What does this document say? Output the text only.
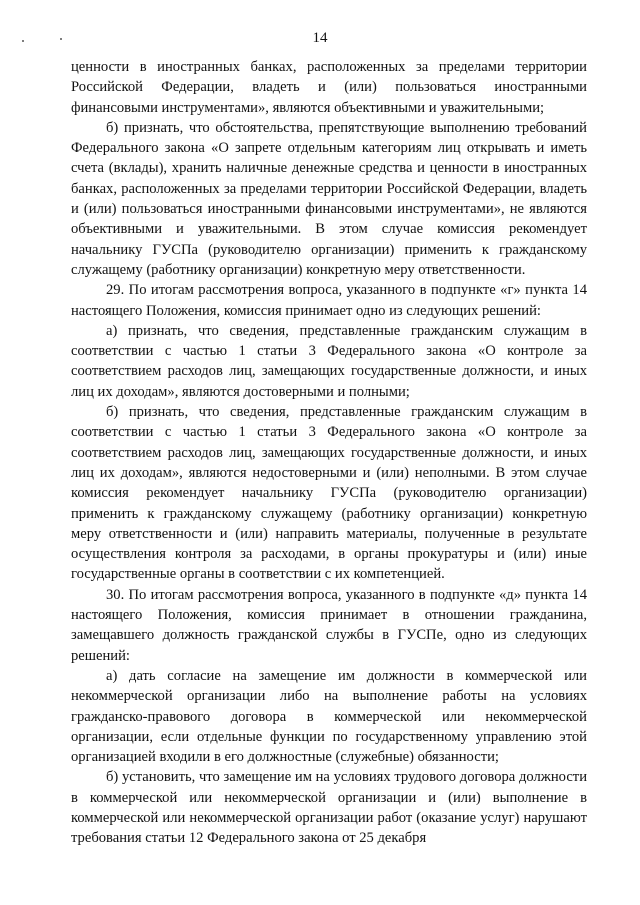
14

ценности в иностранных банках, расположенных за пределами территории Российской Федерации, владеть и (или) пользоваться иностранными финансовыми инструментами», являются объективными и уважительными;

б) признать, что обстоятельства, препятствующие выполнению требований Федерального закона «О запрете отдельным категориям лиц открывать и иметь счета (вклады), хранить наличные денежные средства и ценности в иностранных банках, расположенных за пределами территории Российской Федерации, владеть и (или) пользоваться иностранными финансовыми инструментами», не являются объективными и уважительными. В этом случае комиссия рекомендует начальнику ГУСПа (руководителю организации) применить к гражданскому служащему (работнику организации) конкретную меру ответственности.

29. По итогам рассмотрения вопроса, указанного в подпункте «г» пункта 14 настоящего Положения, комиссия принимает одно из следующих решений:

а) признать, что сведения, представленные гражданским служащим в соответствии с частью 1 статьи 3 Федерального закона «О контроле за соответствием расходов лиц, замещающих государственные должности, и иных лиц их доходам», являются достоверными и полными;

б) признать, что сведения, представленные гражданским служащим в соответствии с частью 1 статьи 3 Федерального закона «О контроле за соответствием расходов лиц, замещающих государственные должности, и иных лиц их доходам», являются недостоверными и (или) неполными. В этом случае комиссия рекомендует начальнику ГУСПа (руководителю организации) применить к гражданскому служащему (работнику организации) конкретную меру ответственности и (или) направить материалы, полученные в результате осуществления контроля за расходами, в органы прокуратуры и (или) иные государственные органы в соответствии с их компетенцией.

30. По итогам рассмотрения вопроса, указанного в подпункте «д» пункта 14 настоящего Положения, комиссия принимает в отношении гражданина, замещавшего должность гражданской службы в ГУСПе, одно из следующих решений:

а) дать согласие на замещение им должности в коммерческой или некоммерческой организации либо на выполнение работы на условиях гражданско-правового договора в коммерческой или некоммерческой организации, если отдельные функции по государственному управлению этой организацией входили в его должностные (служебные) обязанности;

б) установить, что замещение им на условиях трудового договора должности в коммерческой или некоммерческой организации и (или) выполнение в коммерческой или некоммерческой организации работ (оказание услуг) нарушают требования статьи 12 Федерального закона от 25 декабря
